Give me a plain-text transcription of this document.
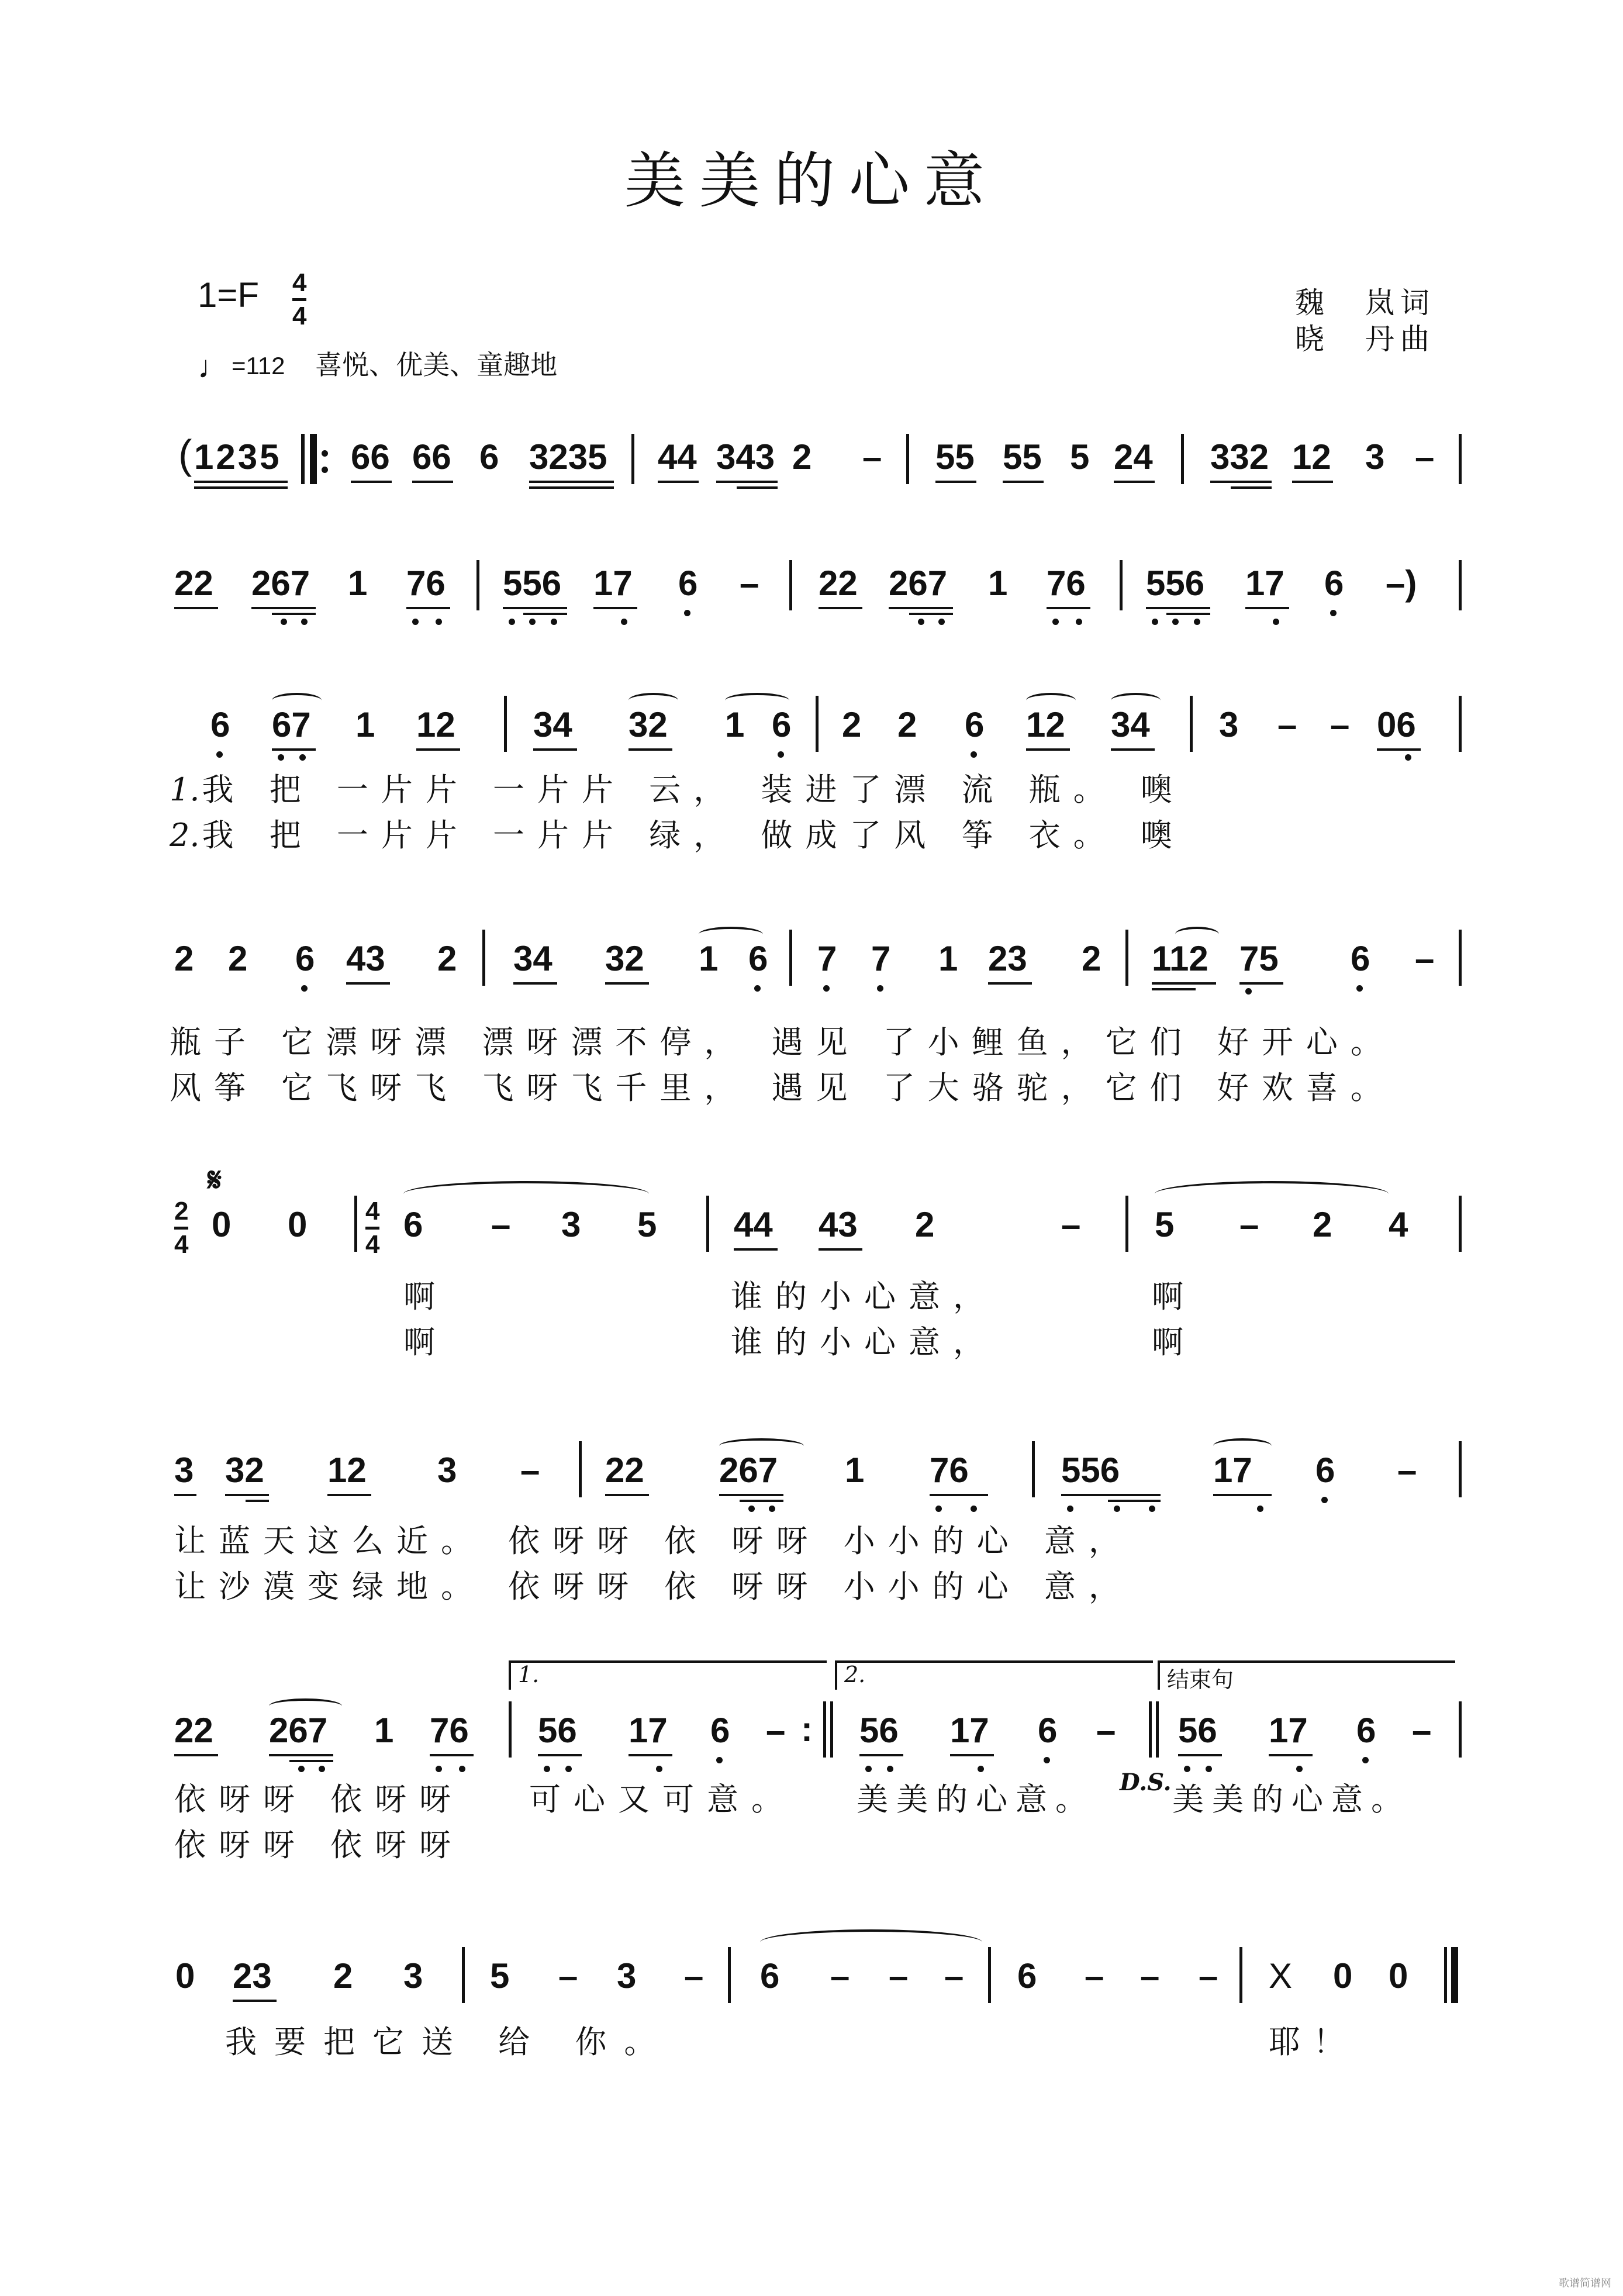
美美的心意
1=F 4
4
♩=112 喜悦、优美、童趣地
魏　岚词
晓　丹曲
( 1235 66 66 6 3235 44 343 2 – 55 55 5 24 332 12 3 –
22 267 1 76 556 17 6 – 22 267 1 76 556 17 6 –)
6 67 1 12 34 32 1 6 2 2 6 12 34 3 – – 06
1.我 把 一片片 一片片 云， 装进了漂 流 瓶。 噢
2.我 把 一片片 一片片 绿， 做成了风 筝 衣。 噢
2 2 6 43 2 34 32 1 6 7 7 1 23 2 112 75 6 –
瓶子 它漂呀漂 漂呀漂不停， 遇见 了小鲤鱼，它们 好开心。
风筝 它飞呀飞 飞呀飞千里， 遇见 了大骆驼，它们 好欢喜。
𝄋
2
4
0 0 4
4
6 – 3 5 44 43 2	– 5 – 2 4
啊	谁的小心意，	啊
啊	谁的小心意，	啊
3 32 12 3 – 22 267 1 76	556	17 6 –
让蓝天这么近。 依呀呀 依 呀呀 小小的心 意，
让沙漠变绿地。 依呀呀 依 呀呀 小小的心 意，
1.	2.	结束句
22 267 1 76 56 17 6 – : 56 17 6 – 56 17 6 –
D.S.
依呀呀 依呀呀 可心又可意。 美美的心意。 美美的心意。
依呀呀 依呀呀
0 23 2 3 5 – 3 – 6 – – – 6 – – – X 0 0
我要把它送 给 你。	耶！
歌谱简谱网
